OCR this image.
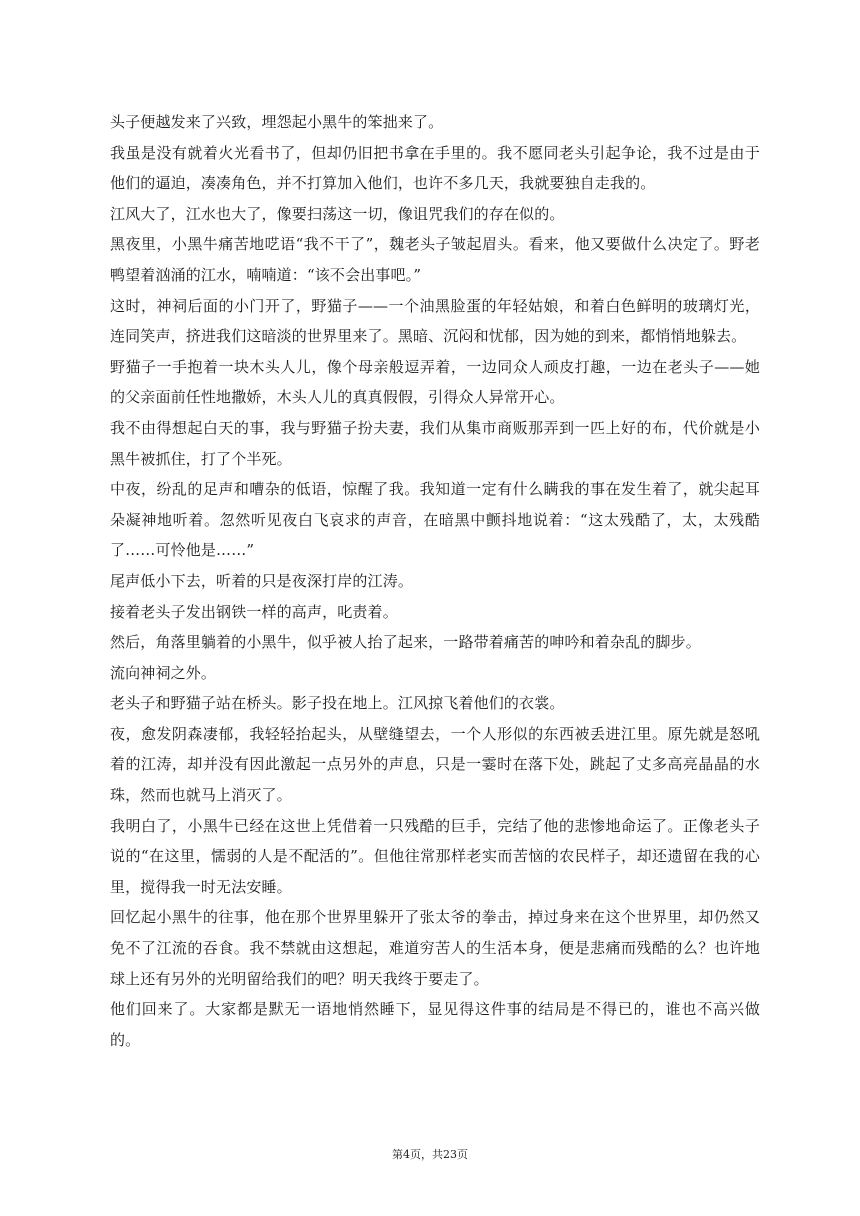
头子便越发来了兴致，埋怨起小黑牛的笨拙来了。

我虽是没有就着火光看书了，但却仍旧把书拿在手里的。我不愿同老头引起争论，我不过是由于他们的逼迫，凑凑角色，并不打算加入他们，也许不多几天，我就要独自走我的。

江风大了，江水也大了，像要扫荡这一切，像诅咒我们的存在似的。

黑夜里，小黑牛痛苦地呓语“我不干了”，魏老头子皱起眉头。看来，他又要做什么决定了。野老鸭望着汹涌的江水，喃喃道：“该不会出事吧。”

这时，神祠后面的小门开了，野猫子——一个油黑脸蛋的年轻姑娘，和着白色鲜明的玻璃灯光，连同笑声，挤进我们这暗淡的世界里来了。黑暗、沉闷和忧郁，因为她的到来，都悄悄地躲去。

野猫子一手抱着一块木头人儿，像个母亲般逗弄着，一边同众人顽皮打趣，一边在老头子——她的父亲面前任性地撒娇，木头人儿的真真假假，引得众人异常开心。

我不由得想起白天的事，我与野猫子扮夫妻，我们从集市商贩那弄到一匹上好的布，代价就是小黑牛被抓住，打了个半死。

中夜，纷乱的足声和嘈杂的低语，惊醒了我。我知道一定有什么瞒我的事在发生着了，就尖起耳朵凝神地听着。忽然听见夜白飞哀求的声音，在暗黑中颤抖地说着：“这太残酷了，太，太残酷了……可怜他是……”

尾声低小下去，听着的只是夜深打岸的江涛。

接着老头子发出钢铁一样的高声，叱责着。

然后，角落里躺着的小黑牛，似乎被人抬了起来，一路带着痛苦的呻吟和着杂乱的脚步。

流向神祠之外。

老头子和野猫子站在桥头。影子投在地上。江风掠飞着他们的衣裳。

夜，愈发阴森凄郁，我轻轻抬起头，从壁缝望去，一个人形似的东西被丢进江里。原先就是怒吼着的江涛，却并没有因此激起一点另外的声息，只是一霎时在落下处，跳起了丈多高亮晶晶的水珠，然而也就马上消灭了。

我明白了，小黑牛已经在这世上凭借着一只残酷的巨手，完结了他的悲惨地命运了。正像老头子说的“在这里，懦弱的人是不配活的”。但他往常那样老实而苦恼的农民样子，却还遗留在我的心里，搅得我一时无法安睡。

回忆起小黑牛的往事，他在那个世界里躲开了张太爷的拳击，掉过身来在这个世界里，却仍然又免不了江流的吞食。我不禁就由这想起，难道穷苦人的生活本身，便是悲痛而残酷的么？也许地球上还有另外的光明留给我们的吧？明天我终于要走了。

他们回来了。大家都是默无一语地悄然睡下，显见得这件事的结局是不得已的，谁也不高兴做的。

第4页，共23页
